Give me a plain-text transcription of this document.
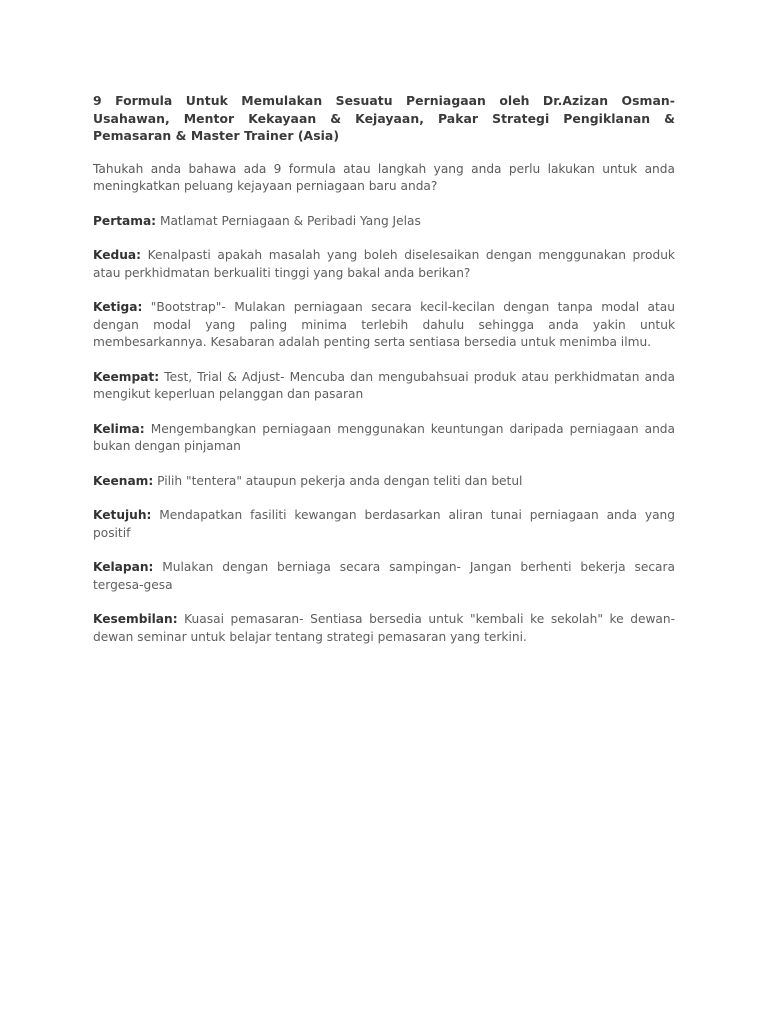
9 Formula Untuk Memulakan Sesuatu Perniagaan oleh Dr.Azizan Osman- Usahawan, Mentor Kekayaan & Kejayaan, Pakar Strategi Pengiklanan & Pemasaran & Master Trainer (Asia)

Tahukah anda bahawa ada 9 formula atau langkah yang anda perlu lakukan untuk anda meningkatkan peluang kejayaan perniagaan baru anda?

Pertama: Matlamat Perniagaan & Peribadi Yang Jelas

Kedua: Kenalpasti apakah masalah yang boleh diselesaikan dengan menggunakan produk atau perkhidmatan berkualiti tinggi yang bakal anda berikan?

Ketiga: "Bootstrap"- Mulakan perniagaan secara kecil-kecilan dengan tanpa modal atau dengan modal yang paling minima terlebih dahulu sehingga anda yakin untuk membesarkannya. Kesabaran adalah penting serta sentiasa bersedia untuk menimba ilmu.

Keempat: Test, Trial & Adjust- Mencuba dan mengubahsuai produk atau perkhidmatan anda mengikut keperluan pelanggan dan pasaran

Kelima: Mengembangkan perniagaan menggunakan keuntungan daripada perniagaan anda bukan dengan pinjaman

Keenam: Pilih "tentera" ataupun pekerja anda dengan teliti dan betul

Ketujuh: Mendapatkan fasiliti kewangan berdasarkan aliran tunai perniagaan anda yang positif

Kelapan: Mulakan dengan berniaga secara sampingan- Jangan berhenti bekerja secara tergesa-gesa

Kesembilan: Kuasai pemasaran- Sentiasa bersedia untuk "kembali ke sekolah" ke dewan-dewan seminar untuk belajar tentang strategi pemasaran yang terkini.
